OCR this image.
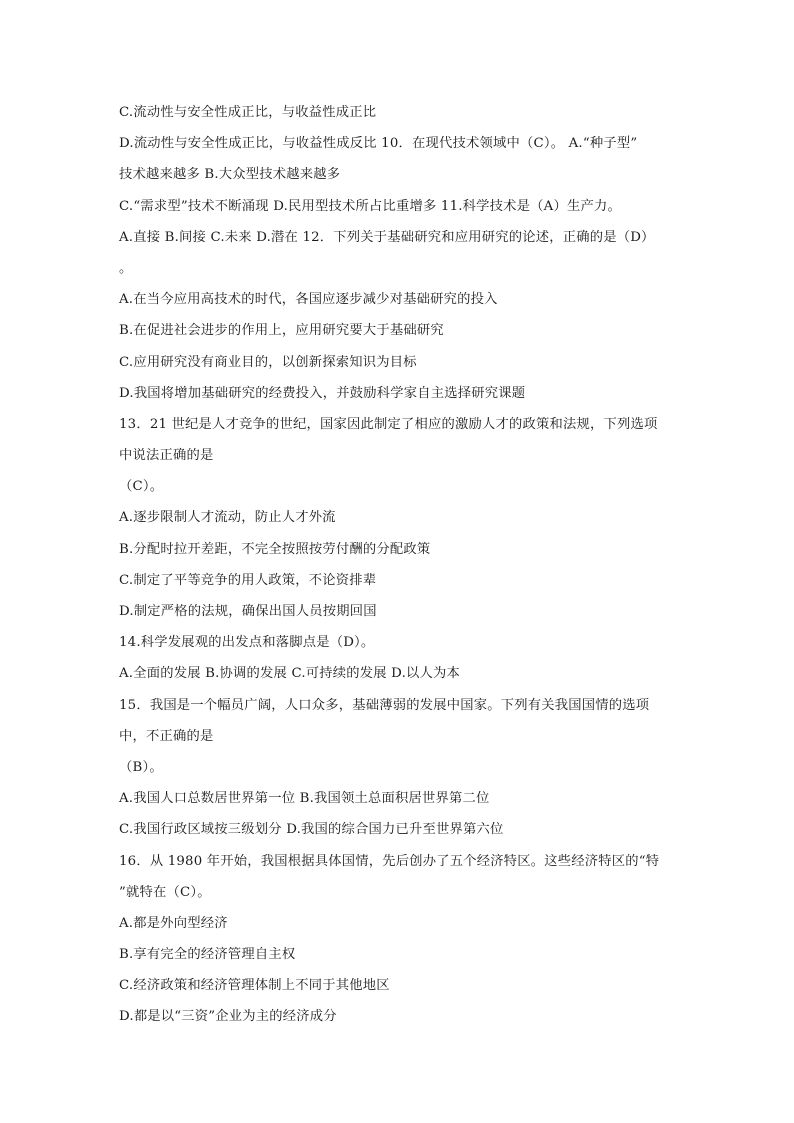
C.流动性与安全性成正比，与收益性成正比
D.流动性与安全性成正比，与收益性成反比 10．在现代技术领域中（C）。 A.“种子型”
技术越来越多 B.大众型技术越来越多
C.“需求型”技术不断涌现 D.民用型技术所占比重增多 11.科学技术是（A）生产力。
A.直接 B.间接 C.未来 D.潜在 12．下列关于基础研究和应用研究的论述，正确的是（D）
。
A.在当今应用高技术的时代，各国应逐步减少对基础研究的投入
B.在促进社会进步的作用上，应用研究要大于基础研究
C.应用研究没有商业目的，以创新探索知识为目标
D.我国将增加基础研究的经费投入，并鼓励科学家自主选择研究课题
13．21 世纪是人才竞争的世纪，国家因此制定了相应的激励人才的政策和法规，下列选项
中说法正确的是
（C）。
A.逐步限制人才流动，防止人才外流
B.分配时拉开差距，不完全按照按劳付酬的分配政策
C.制定了平等竞争的用人政策，不论资排辈
D.制定严格的法规，确保出国人员按期回国
14.科学发展观的出发点和落脚点是（D）。
A.全面的发展 B.协调的发展 C.可持续的发展 D.以人为本
15．我国是一个幅员广阔，人口众多，基础薄弱的发展中国家。下列有关我国国情的选项
中，不正确的是
（B）。
A.我国人口总数居世界第一位 B.我国领土总面积居世界第二位
C.我国行政区域按三级划分 D.我国的综合国力已升至世界第六位
16．从 1980 年开始，我国根据具体国情，先后创办了五个经济特区。这些经济特区的“特
”就特在（C）。
A.都是外向型经济
B.享有完全的经济管理自主权
C.经济政策和经济管理体制上不同于其他地区
D.都是以“三资”企业为主的经济成分
